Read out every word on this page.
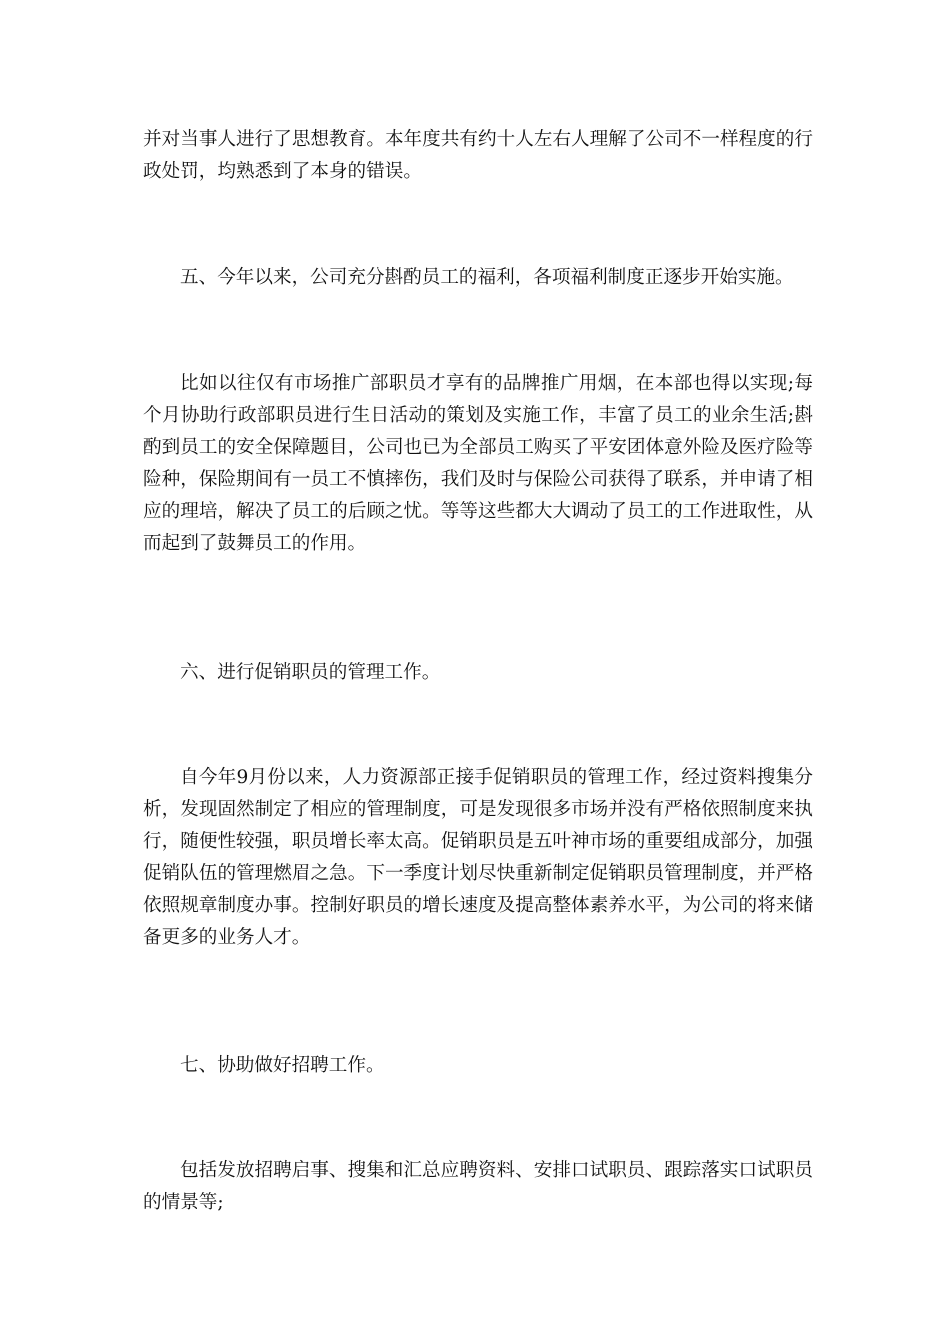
并对当事人进行了思想教育。本年度共有约十人左右人理解了公司不一样程度的行政处罚，均熟悉到了本身的错误。

五、今年以来，公司充分斟酌员工的福利，各项福利制度正逐步开始实施。

比如以往仅有市场推广部职员才享有的品牌推广用烟，在本部也得以实现;每个月协助行政部职员进行生日活动的策划及实施工作，丰富了员工的业余生活;斟酌到员工的安全保障题目，公司也已为全部员工购买了平安团体意外险及医疗险等险种，保险期间有一员工不慎摔伤，我们及时与保险公司获得了联系，并申请了相应的理培，解决了员工的后顾之忧。等等这些都大大调动了员工的工作进取性，从而起到了鼓舞员工的作用。

六、进行促销职员的管理工作。

自今年9月份以来，人力资源部正接手促销职员的管理工作，经过资料搜集分析，发现固然制定了相应的管理制度，可是发现很多市场并没有严格依照制度来执行，随便性较强，职员增长率太高。促销职员是五叶神市场的重要组成部分，加强促销队伍的管理燃眉之急。下一季度计划尽快重新制定促销职员管理制度，并严格依照规章制度办事。控制好职员的增长速度及提高整体素养水平，为公司的将来储备更多的业务人才。

七、协助做好招聘工作。

包括发放招聘启事、搜集和汇总应聘资料、安排口试职员、跟踪落实口试职员的情景等;
